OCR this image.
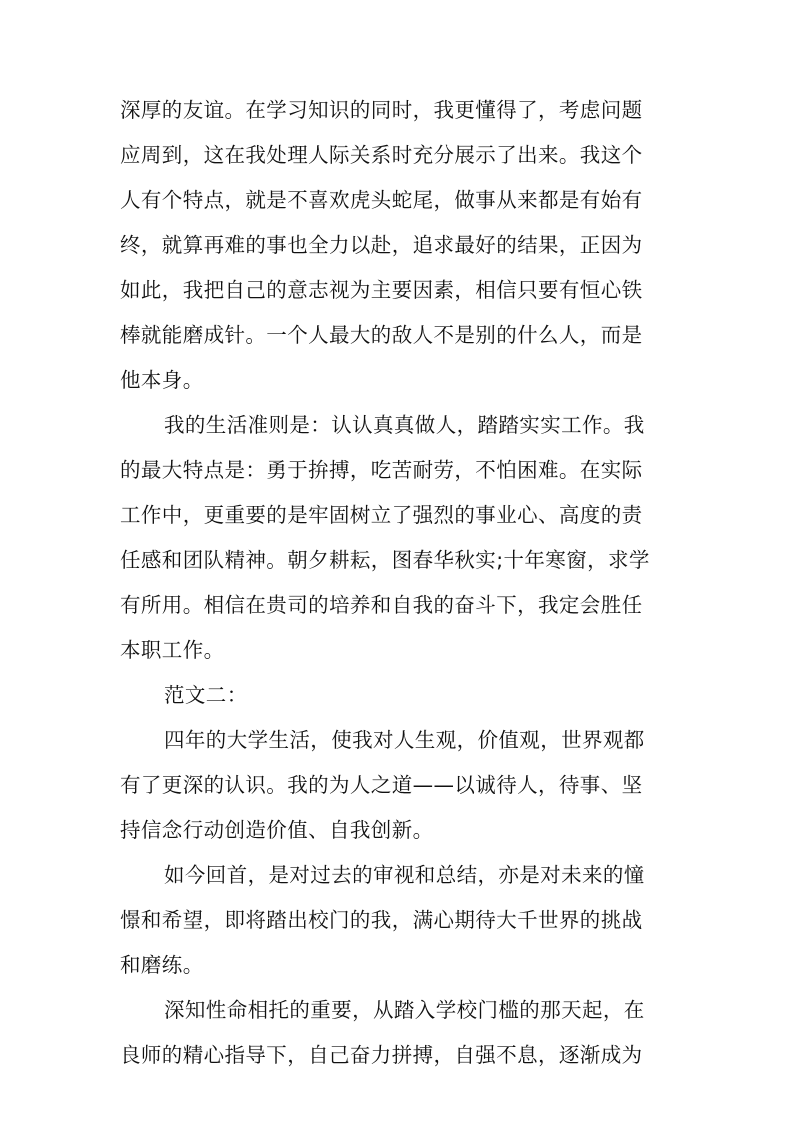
深厚的友谊。在学习知识的同时，我更懂得了，考虑问题
应周到，这在我处理人际关系时充分展示了出来。我这个
人有个特点，就是不喜欢虎头蛇尾，做事从来都是有始有
终，就算再难的事也全力以赴，追求最好的结果，正因为
如此，我把自己的意志视为主要因素，相信只要有恒心铁
棒就能磨成针。一个人最大的敌人不是别的什么人，而是
他本身。
我的生活准则是：认认真真做人，踏踏实实工作。我
的最大特点是：勇于拚搏，吃苦耐劳，不怕困难。在实际
工作中，更重要的是牢固树立了强烈的事业心、高度的责
任感和团队精神。朝夕耕耘，图春华秋实;十年寒窗，求学
有所用。相信在贵司的培养和自我的奋斗下，我定会胜任
本职工作。
范文二：
四年的大学生活，使我对人生观，价值观，世界观都
有了更深的认识。我的为人之道——以诚待人，待事、坚
持信念行动创造价值、自我创新。
如今回首，是对过去的审视和总结，亦是对未来的憧
憬和希望，即将踏出校门的我，满心期待大千世界的挑战
和磨练。
深知性命相托的重要，从踏入学校门槛的那天起，在
良师的精心指导下，自己奋力拼搏，自强不息，逐渐成为
